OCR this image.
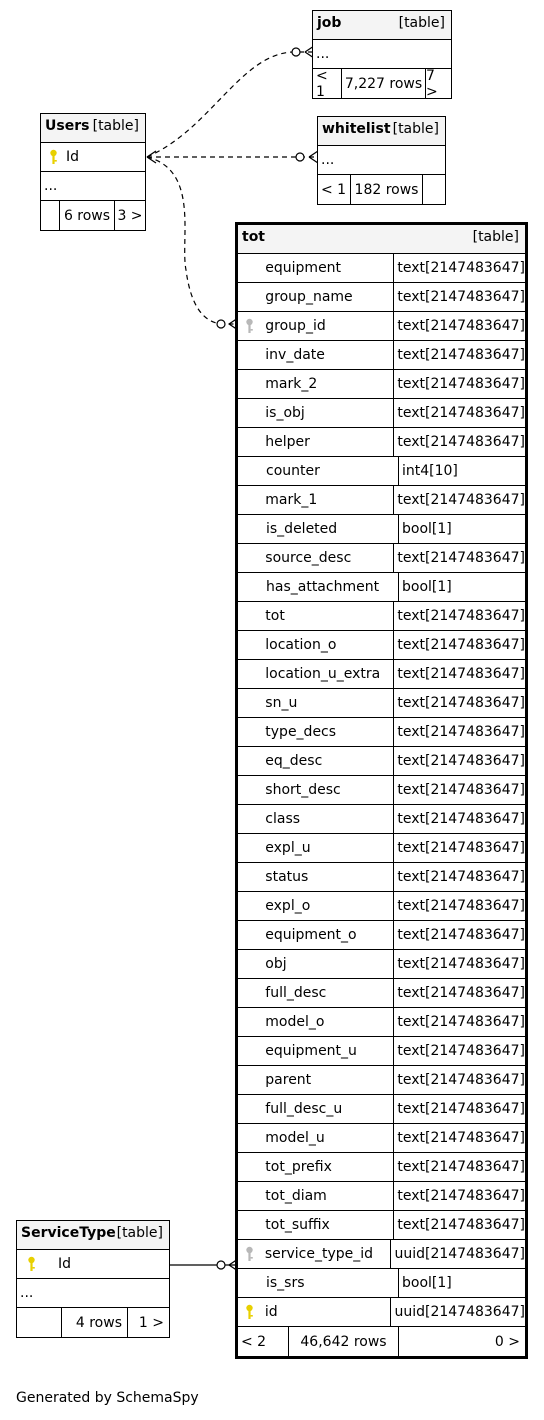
job	[table]
...
< 1	7,227 rows 7 >
whitelist [table]
...
< 1 182 rows
Users [table]
Id
...
6 rows 3 >
ServiceType [table]
Id
...
4 rows	1 >
tot	[table]
equipment	text[2147483647]
group_name	text[2147483647]
group_id	text[2147483647]
inv_date	text[2147483647]
mark_2	text[2147483647]
is_obj	text[2147483647]
helper	text[2147483647]
counter	int4[10]
mark_1	text[2147483647]
is_deleted	bool[1]
source_desc	text[2147483647]
has_attachment	bool[1]
tot	text[2147483647]
location_o	text[2147483647]
location_u_extra	text[2147483647]
sn_u	text[2147483647]
type_decs	text[2147483647]
eq_desc	text[2147483647]
short_desc	text[2147483647]
class	text[2147483647]
expl_u	text[2147483647]
status	text[2147483647]
expl_o	text[2147483647]
equipment_o	text[2147483647]
obj	text[2147483647]
full_desc	text[2147483647]
model_o	text[2147483647]
equipment_u	text[2147483647]
parent	text[2147483647]
full_desc_u	text[2147483647]
model_u	text[2147483647]
tot_prefix	text[2147483647]
tot_diam	text[2147483647]
tot_suffix	text[2147483647]
service_type_id	uuid[2147483647]
is_srs	bool[1]
id	uuid[2147483647]
< 2	46,642 rows	0 >
Generated by SchemaSpy
